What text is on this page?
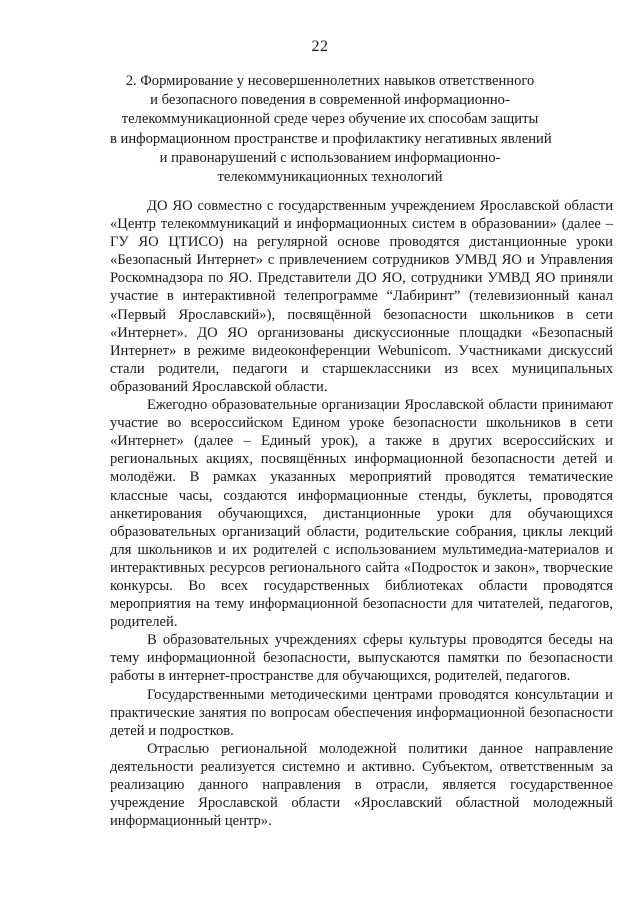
22
2. Формирование у несовершеннолетних навыков ответственного
и безопасного поведения в современной информационно-
телекоммуникационной среде через обучение их способам защиты
в информационном пространстве и профилактику негативных явлений
и правонарушений с использованием информационно-
телекоммуникационных технологий

ДО ЯО совместно с государственным учреждением Ярославской области «Центр телекоммуникаций и информационных систем в образовании» (далее – ГУ ЯО ЦТИСО) на регулярной основе проводятся дистанционные уроки «Безопасный Интернет» с привлечением сотрудников УМВД ЯО и Управления Роскомнадзора по ЯО. Представители ДО ЯО, сотрудники УМВД ЯО приняли участие в интерактивной телепрограмме “Лабиринт” (телевизионный канал «Первый Ярославский»), посвящённой безопасности школьников в сети «Интернет». ДО ЯО организованы дискуссионные площадки «Безопасный Интернет» в режиме видеоконференции Webunicom. Участниками дискуссий стали родители, педагоги и старшеклассники из всех муниципальных образований Ярославской области.

Ежегодно образовательные организации Ярославской области принимают участие во всероссийском Едином уроке безопасности школьников в сети «Интернет» (далее – Единый урок), а также в других всероссийских и региональных акциях, посвящённых информационной безопасности детей и молодёжи. В рамках указанных мероприятий проводятся тематические классные часы, создаются информационные стенды, буклеты, проводятся анкетирования обучающихся, дистанционные уроки для обучающихся образовательных организаций области, родительские собрания, циклы лекций для школьников и их родителей с использованием мультимедиа-материалов и интерактивных ресурсов регионального сайта «Подросток и закон», творческие конкурсы. Во всех государственных библиотеках области проводятся мероприятия на тему информационной безопасности для читателей, педагогов, родителей.

В образовательных учреждениях сферы культуры проводятся беседы на тему информационной безопасности, выпускаются памятки по безопасности работы в интернет-пространстве для обучающихся, родителей, педагогов.

Государственными методическими центрами проводятся консультации и практические занятия по вопросам обеспечения информационной безопасности детей и подростков.

Отраслью региональной молодежной политики данное направление деятельности реализуется системно и активно. Субъектом, ответственным за реализацию данного направления в отрасли, является государственное учреждение Ярославской области «Ярославский областной молодежный информационный центр».
